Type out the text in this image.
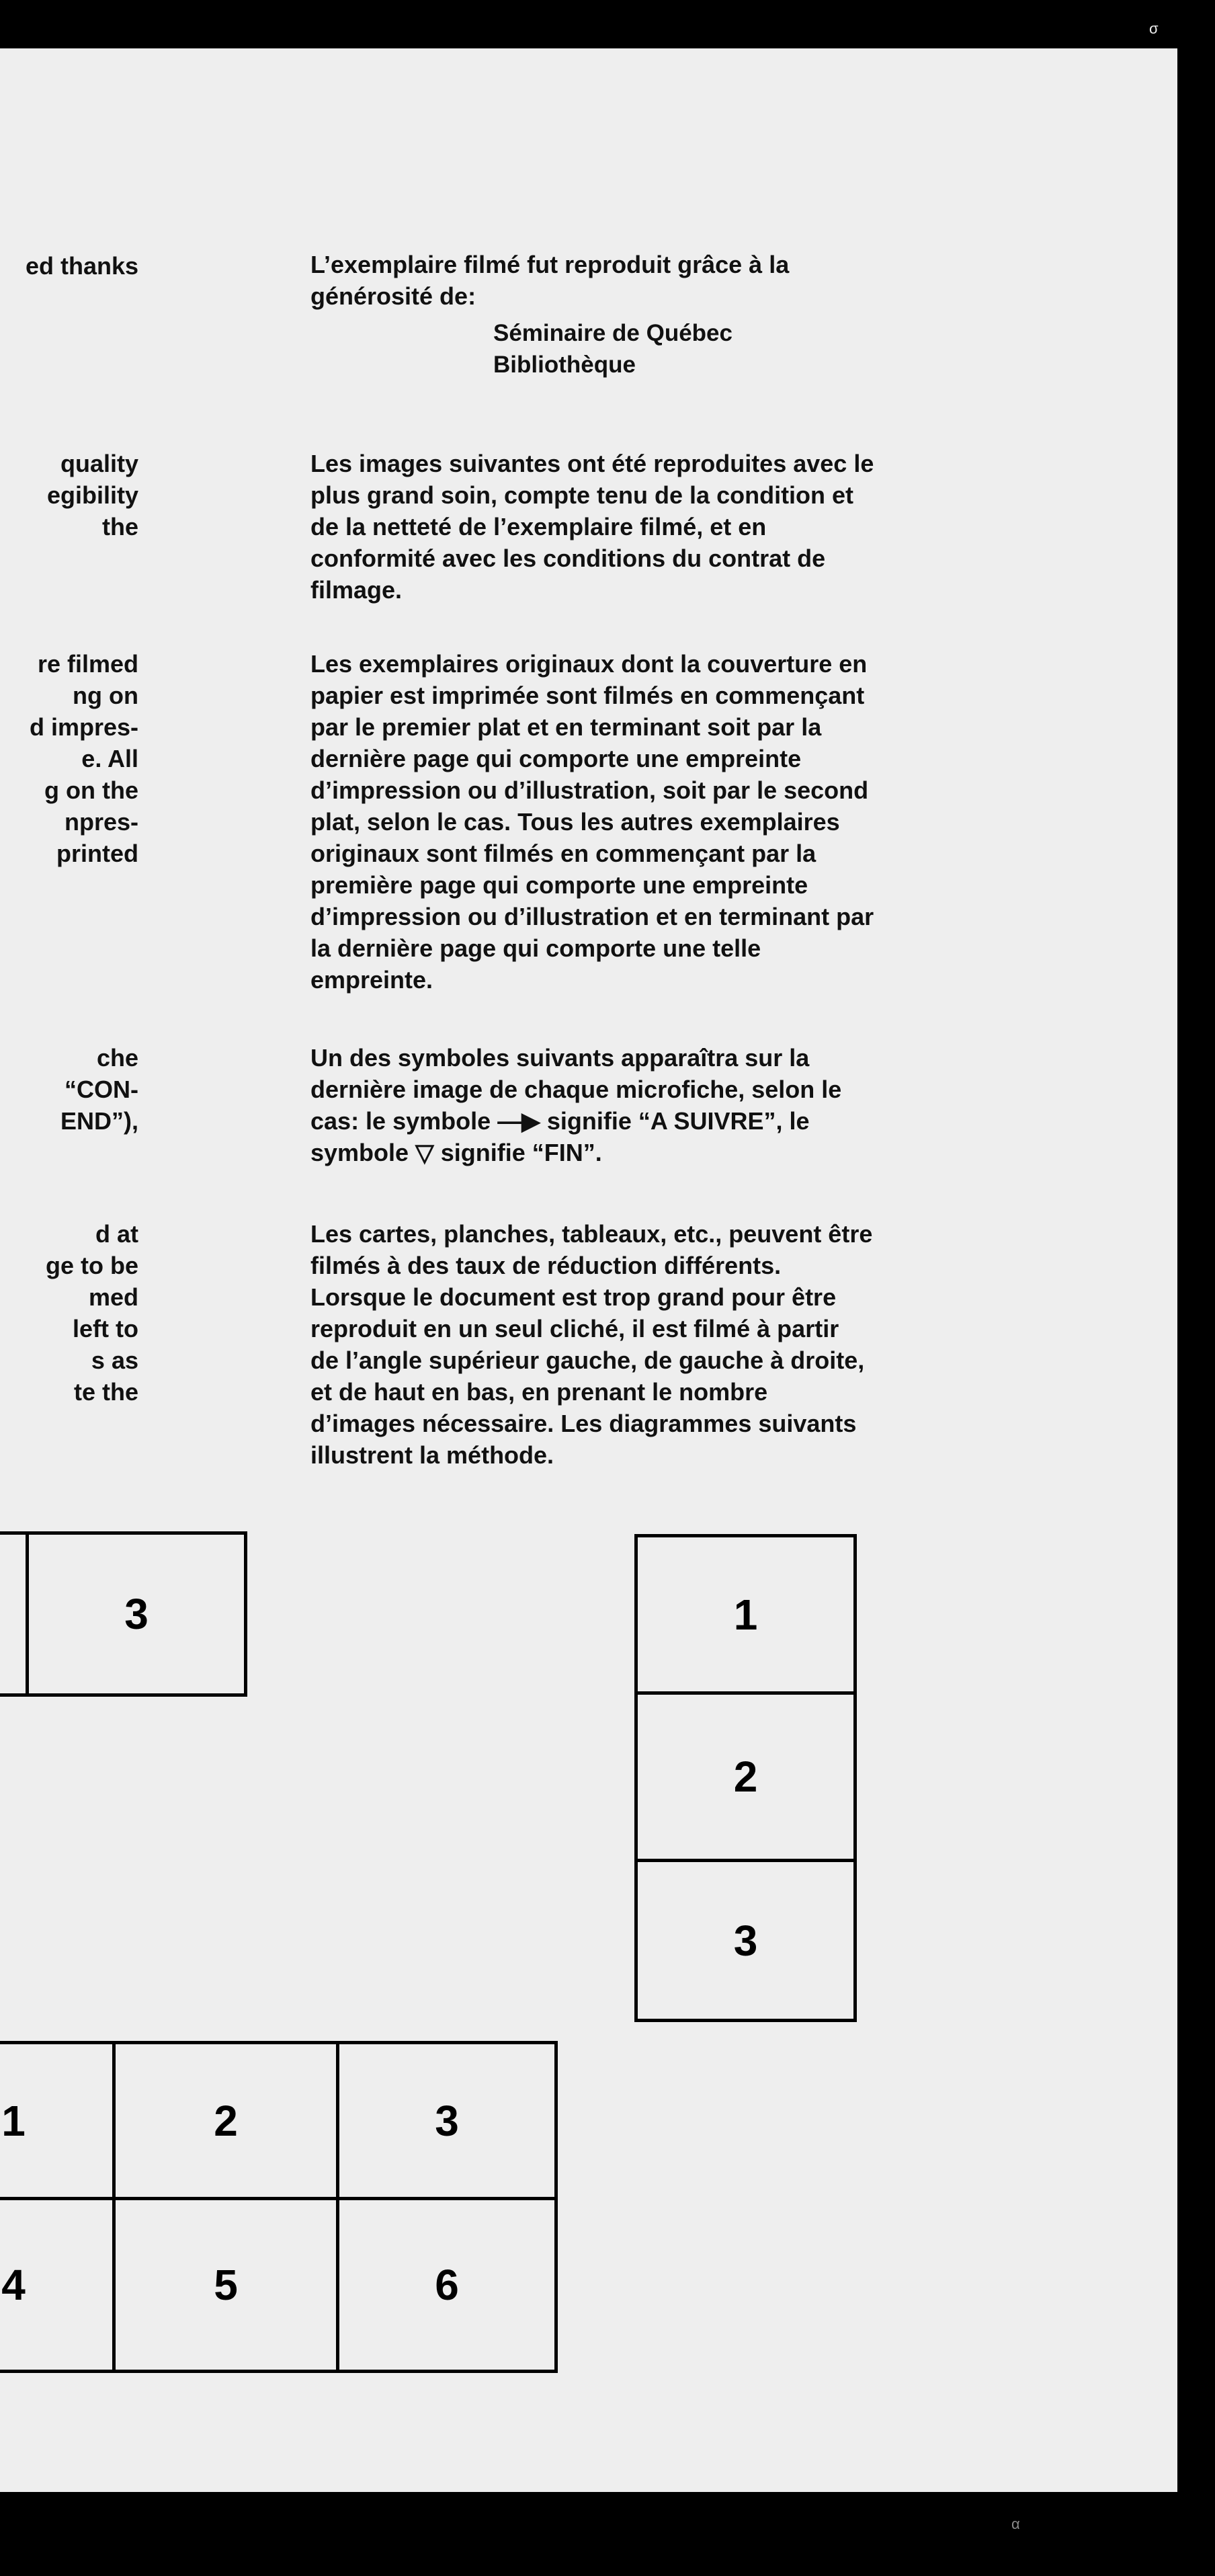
ed thanks
quality
egibility
the
re filmed
ng on
d impres-
e. All
g on the
npres-
printed
che
“CON-
END”),
d at
ge to be
med
left to
s as
te the
L’exemplaire filmé fut reproduit grâce à la
générosité de:
Séminaire de Québec
Bibliothèque
Les images suivantes ont été reproduites avec le
plus grand soin, compte tenu de la condition et
de la netteté de l’exemplaire filmé, et en
conformité avec les conditions du contrat de
filmage.
Les exemplaires originaux dont la couverture en
papier est imprimée sont filmés en commençant
par le premier plat et en terminant soit par la
dernière page qui comporte une empreinte
d’impression ou d’illustration, soit par le second
plat, selon le cas. Tous les autres exemplaires
originaux sont filmés en commençant par la
première page qui comporte une empreinte
d’impression ou d’illustration et en terminant par
la dernière page qui comporte une telle
empreinte.
Un des symboles suivants apparaîtra sur la
dernière image de chaque microfiche, selon le
cas: le symbole —▶ signifie “A SUIVRE”, le
symbole ▽ signifie “FIN”.
Les cartes, planches, tableaux, etc., peuvent être
filmés à des taux de réduction différents.
Lorsque le document est trop grand pour être
reproduit en un seul cliché, il est filmé à partir
de l’angle supérieur gauche, de gauche à droite,
et de haut en bas, en prenant le nombre
d’images nécessaire. Les diagrammes suivants
illustrent la méthode.
3	1
2
3
1	2	3
4	5	6
σ
α
